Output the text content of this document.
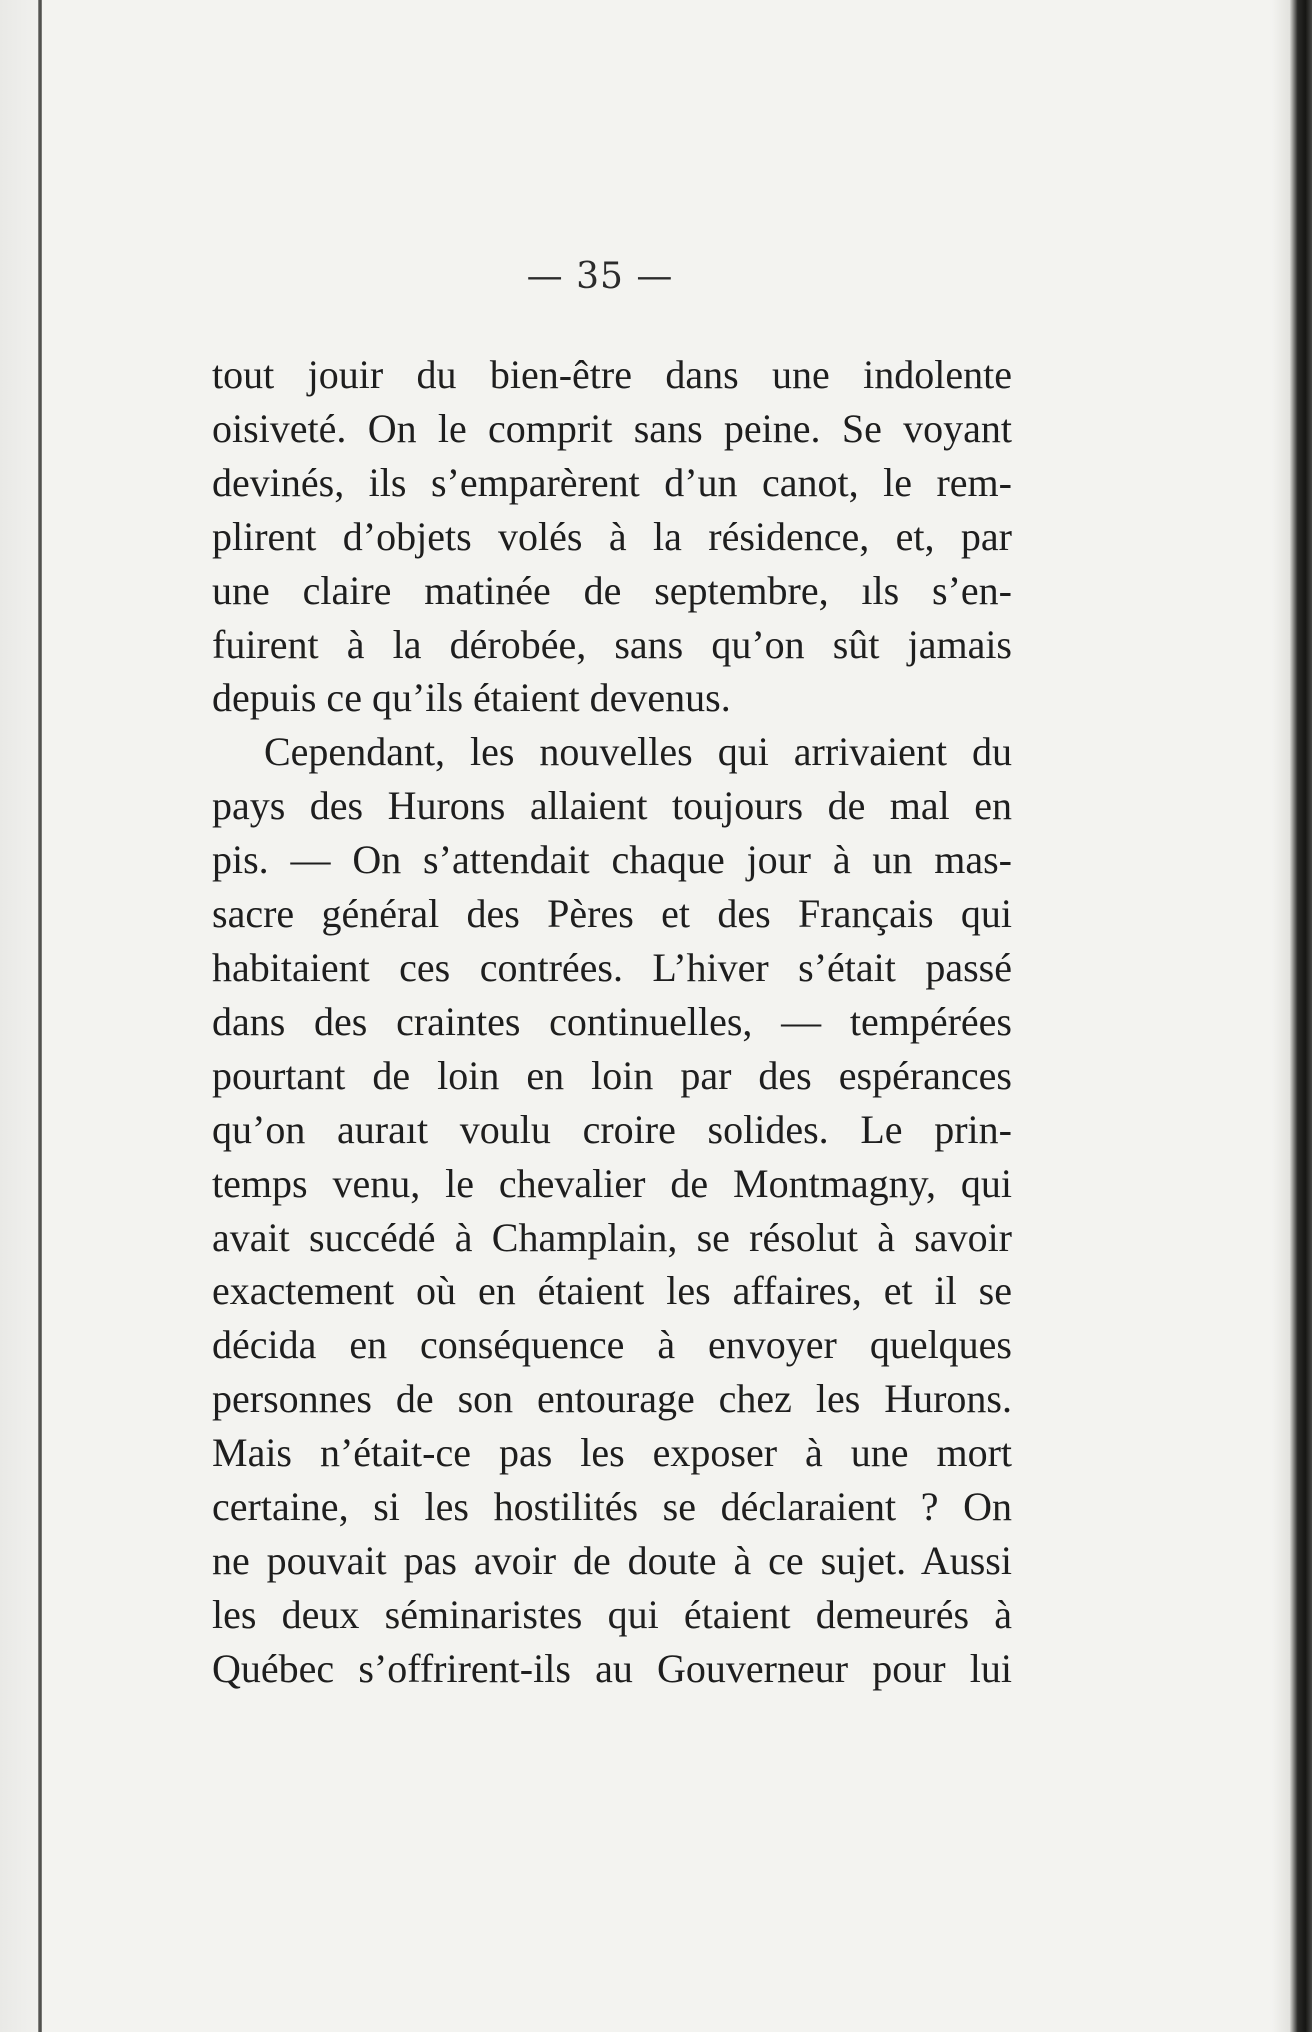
— 35 —
tout jouir du bien-être dans une indolente
oisiveté. On le comprit sans peine. Se voyant
devinés, ils s’emparèrent d’un canot, le rem-
plirent d’objets volés à la résidence, et, par
une claire matinée de septembre, ıls s’en-
fuirent à la dérobée, sans qu’on sût jamais
depuis ce qu’ils étaient devenus.
Cependant, les nouvelles qui arrivaient du
pays des Hurons allaient toujours de mal en
pis. — On s’attendait chaque jour à un mas-
sacre général des Pères et des Français qui
habitaient ces contrées. L’hiver s’était passé
dans des craintes continuelles, — tempérées
pourtant de loin en loin par des espérances
qu’on auraıt voulu croire solides. Le prin-
temps venu, le chevalier de Montmagny, qui
avait succédé à Champlain, se résolut à savoir
exactement où en étaient les affaires, et il se
décida en conséquence à envoyer quelques
personnes de son entourage chez les Hurons.
Mais n’était-ce pas les exposer à une mort
certaine, si les hostilités se déclaraient ? On
ne pouvait pas avoir de doute à ce sujet. Aussi
les deux séminaristes qui étaient demeurés à
Québec s’offrirent-ils au Gouverneur pour lui
